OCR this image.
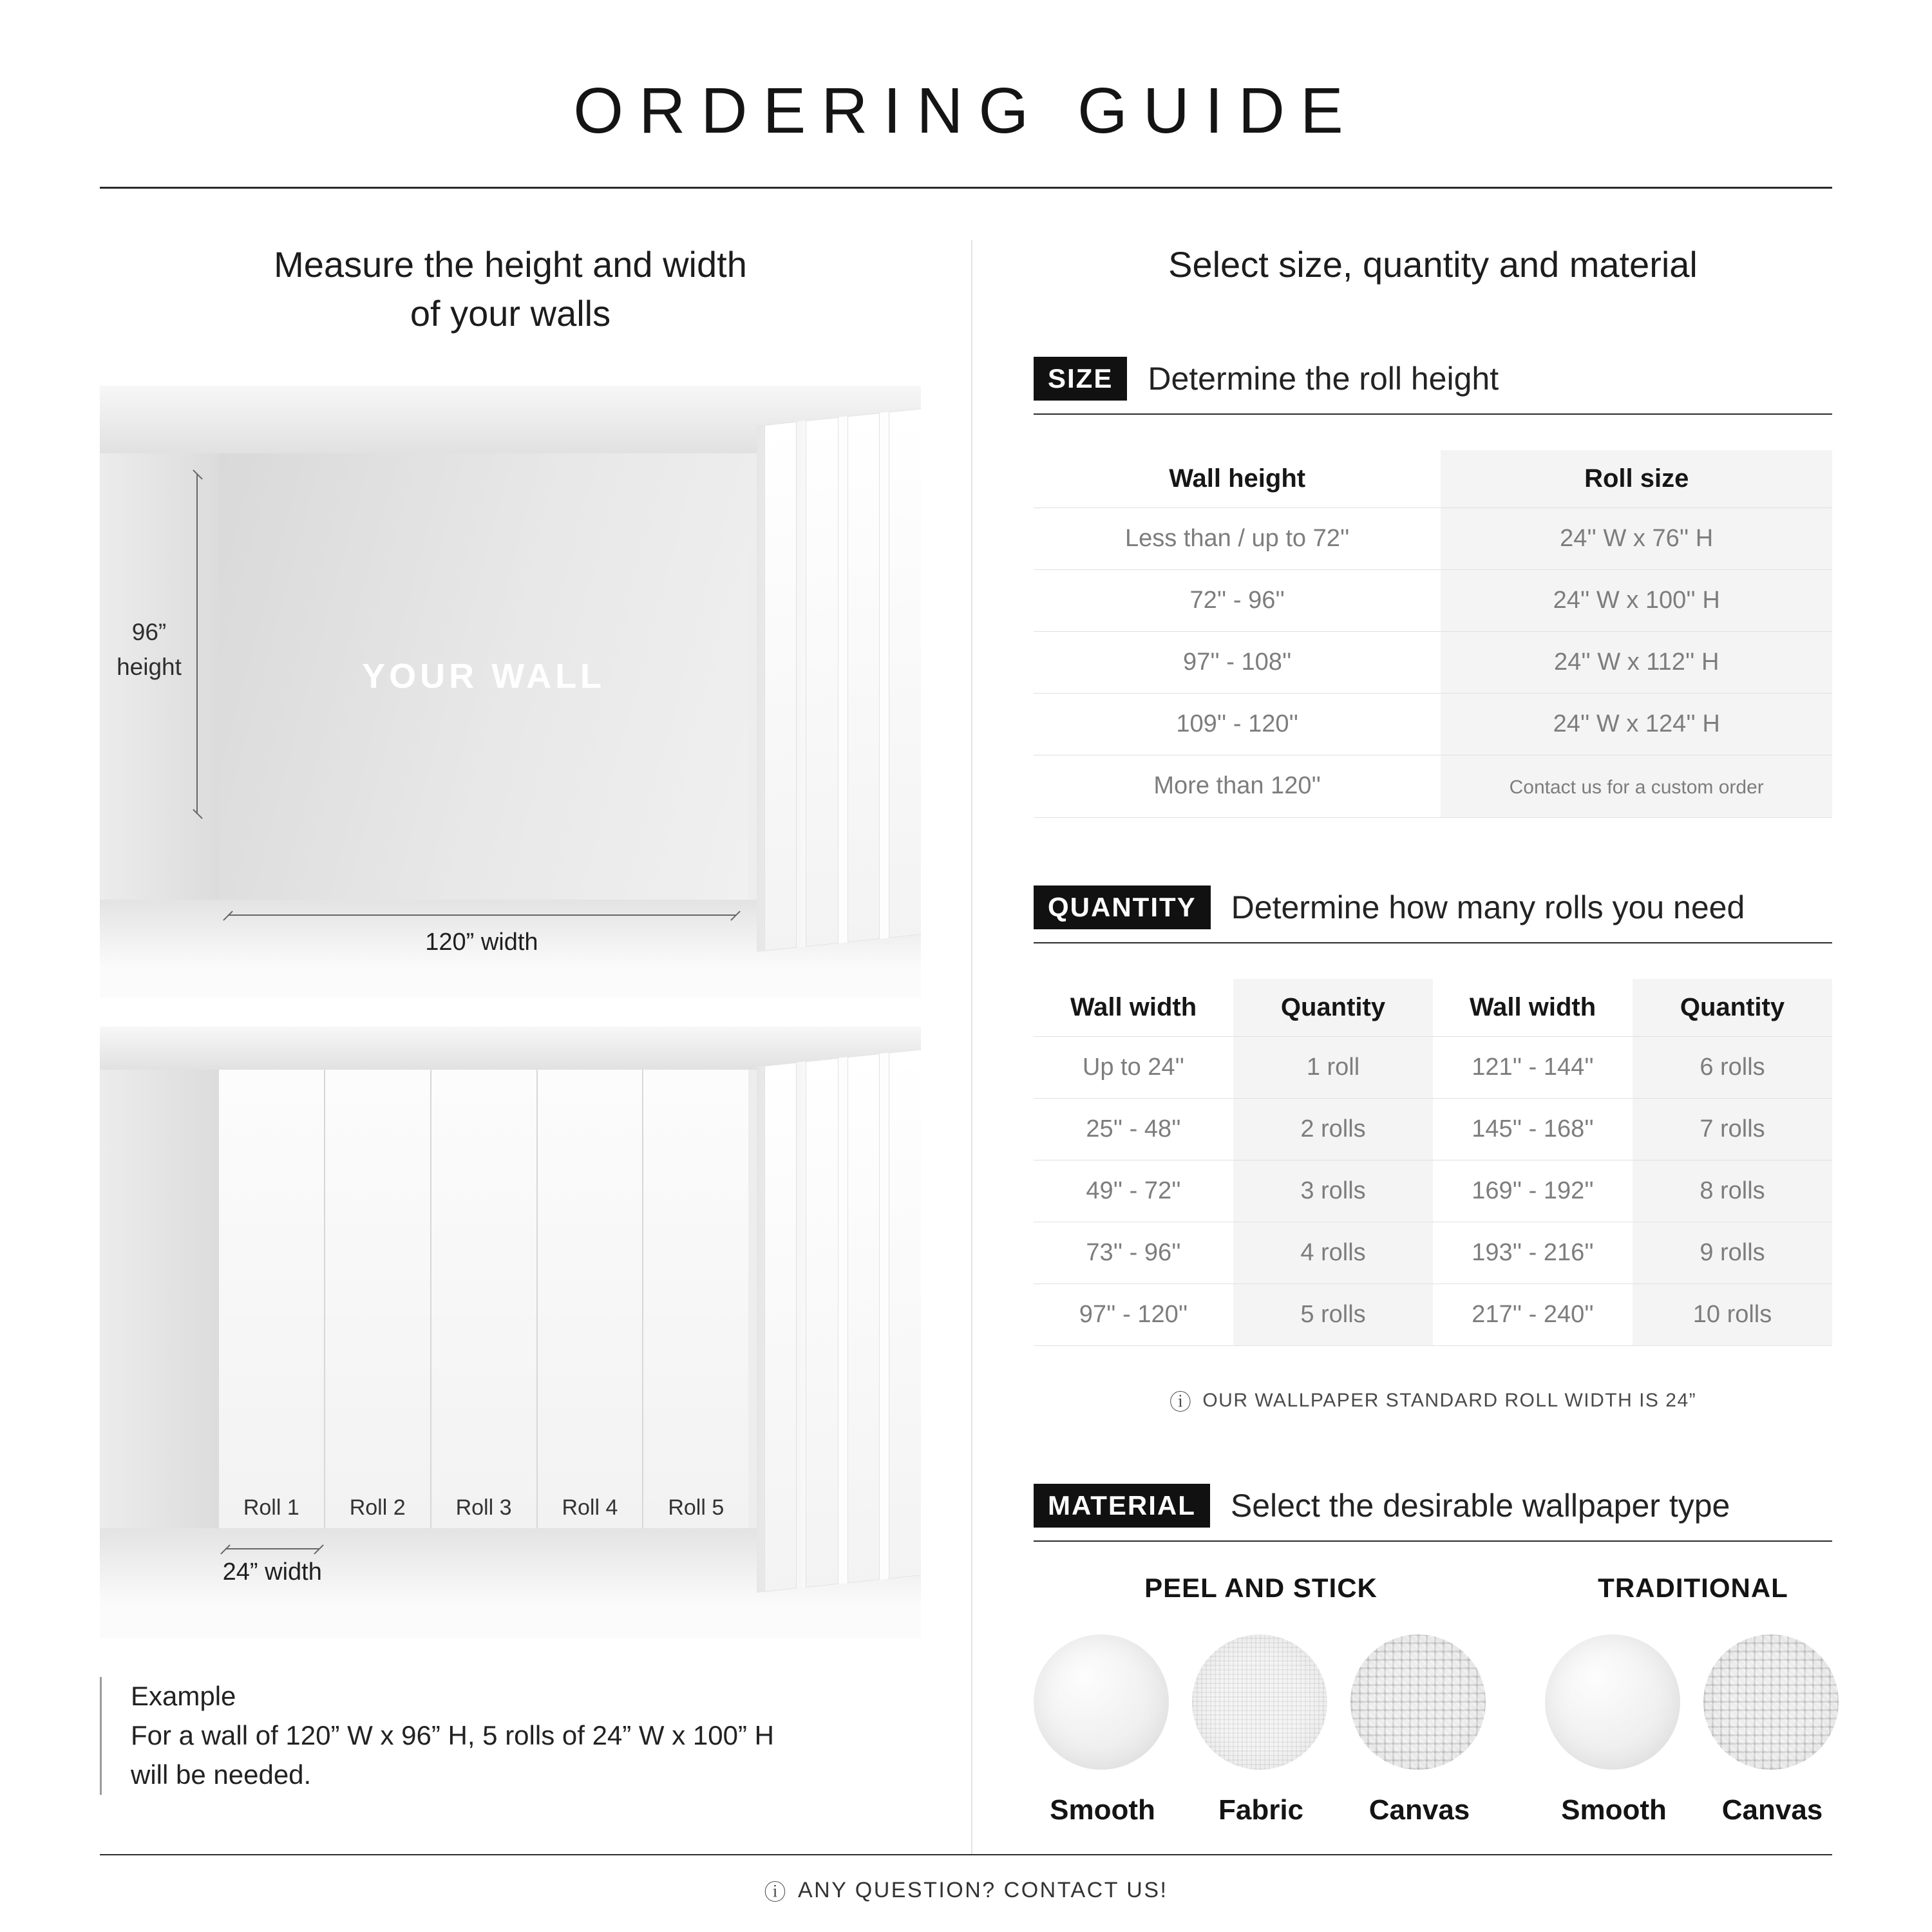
ORDERING GUIDE
Measure the height and width
of your walls
YOUR WALL
96”
height
120” width
Roll 1	Roll 2	Roll 3	Roll 4	Roll 5
24” width
Example
For a wall of 120” W x 96” H, 5 rolls of 24” W x 100” H
will be needed.
Select size, quantity and material
SIZE	Determine the roll height
Wall height	Roll size
Less than / up to 72''	24'' W x 76'' H
72'' - 96''	24'' W x 100'' H
97'' - 108''	24'' W x 112'' H
109'' - 120''	24'' W x 124'' H
More than 120''	Contact us for a custom order
QUANTITY	Determine how many rolls you need
Wall width	Quantity	Wall width	Quantity
Up to 24''	1 roll	121'' - 144''	6 rolls
25'' - 48''	2 rolls	145'' - 168''	7 rolls
49'' - 72''	3 rolls	169'' - 192''	8 rolls
73'' - 96''	4 rolls	193'' - 216''	9 rolls
97'' - 120''	5 rolls	217'' - 240''	10 rolls
ⓘ OUR WALLPAPER STANDARD ROLL WIDTH IS 24”
MATERIAL	Select the desirable wallpaper type
PEEL AND STICK
Smooth	Fabric	Canvas
TRADITIONAL
Smooth	Canvas
ⓘ ANY QUESTION? CONTACT US!
